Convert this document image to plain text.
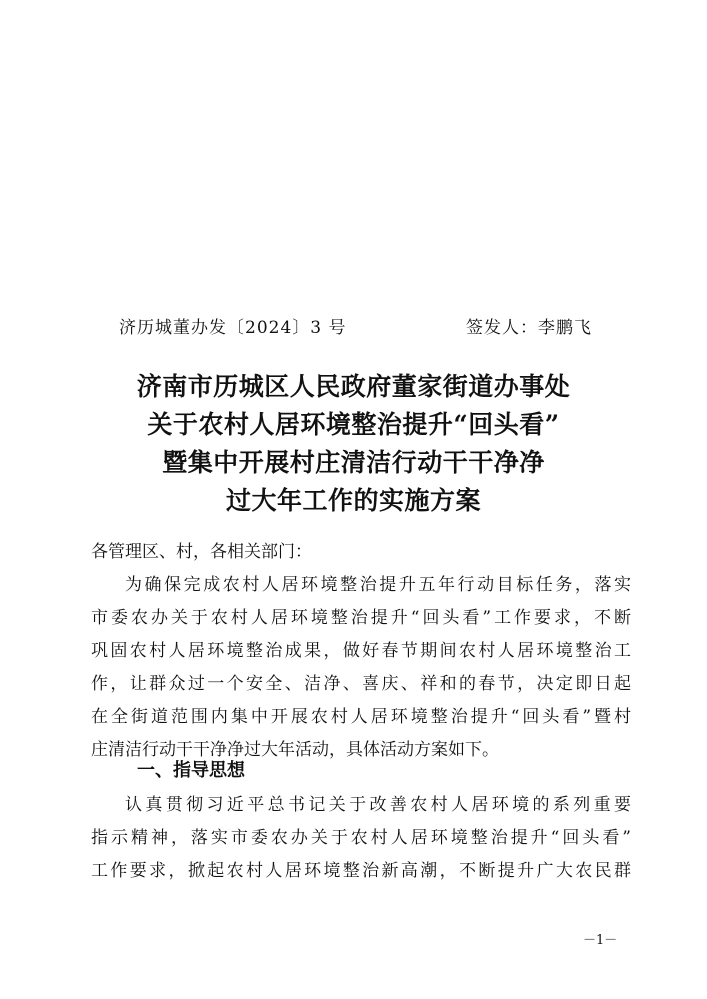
济历城董办发〔2024〕3 号	签发人：李鹏飞
济南市历城区人民政府董家街道办事处
关于农村人居环境整治提升“回头看”
暨集中开展村庄清洁行动干干净净
过大年工作的实施方案
各管理区、村，各相关部门：
为确保完成农村人居环境整治提升五年行动目标任务，落实
市委农办关于农村人居环境整治提升“回头看”工作要求，不断
巩固农村人居环境整治成果，做好春节期间农村人居环境整治工
作，让群众过一个安全、洁净、喜庆、祥和的春节，决定即日起
在全街道范围内集中开展农村人居环境整治提升“回头看”暨村
庄清洁行动干干净净过大年活动，具体活动方案如下。
一、指导思想
认真贯彻习近平总书记关于改善农村人居环境的系列重要
指示精神，落实市委农办关于农村人居环境整治提升“回头看”
工作要求，掀起农村人居环境整治新高潮，不断提升广大农民群
－1－
